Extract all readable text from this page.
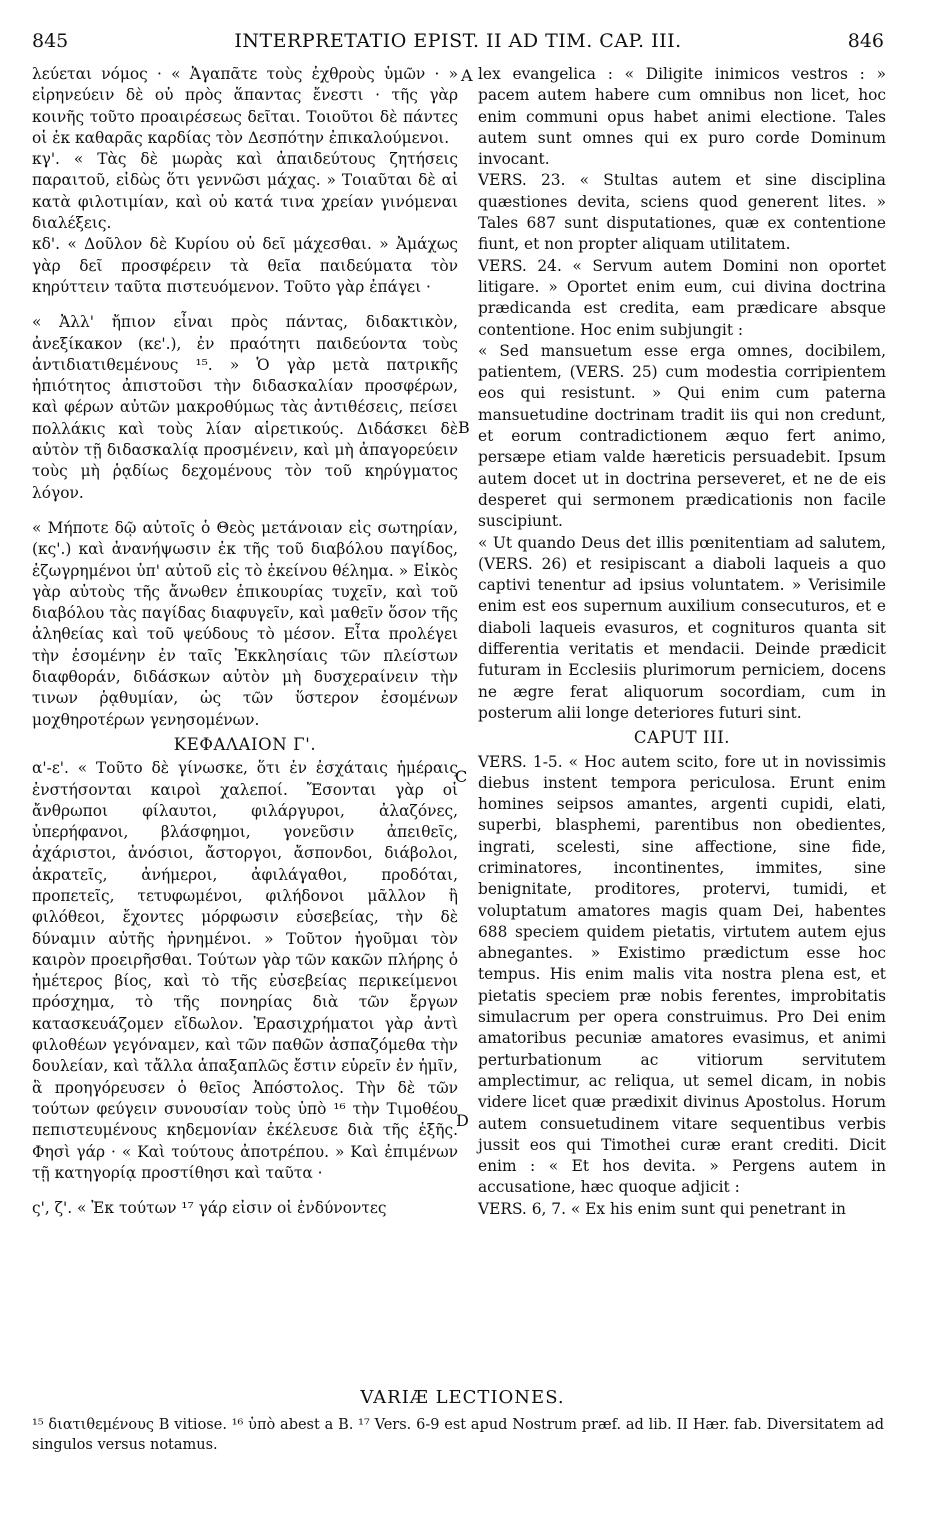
845	INTERPRETATIO EPIST. II AD TIM. CAP. III.	846
A
B
C
D

λεύεται νόμος · « Ἀγαπᾶτε τοὺς ἐχθροὺς ὑμῶν · » εἰρηνεύειν δὲ οὐ πρὸς ἅπαντας ἔνεστι · τῆς γὰρ κοινῆς τοῦτο προαιρέσεως δεῖται. Τοιοῦτοι δὲ πάντες οἱ ἐκ καθαρᾶς καρδίας τὸν Δεσπότην ἐπικαλούμενοι.

κγ'. « Τὰς δὲ μωρὰς καὶ ἀπαιδεύτους ζητήσεις παραιτοῦ, εἰδὼς ὅτι γεννῶσι μάχας. » Τοιαῦται δὲ αἱ κατὰ φιλοτιμίαν, καὶ οὐ κατά τινα χρείαν γινόμεναι διαλέξεις.

κδ'. « Δοῦλον δὲ Κυρίου οὐ δεῖ μάχεσθαι. » Ἀμάχως γὰρ δεῖ προσφέρειν τὰ θεῖα παιδεύματα τὸν κηρύττειν ταῦτα πιστευόμενον. Τοῦτο γὰρ ἐπάγει ·

« Ἀλλ' ἤπιον εἶναι πρὸς πάντας, διδακτικὸν, ἀνεξίκακον (κε'.), ἐν πραότητι παιδεύοντα τοὺς ἀντιδιατιθεμένους ¹⁵. » Ὁ γὰρ μετὰ πατρικῆς ἠπιότητος ἀπιστοῦσι τὴν διδασκαλίαν προσφέρων, καὶ φέρων αὐτῶν μακροθύμως τὰς ἀντιθέσεις, πείσει πολλάκις καὶ τοὺς λίαν αἱρετικούς. Διδάσκει δὲ αὐτὸν τῇ διδασκαλίᾳ προσμένειν, καὶ μὴ ἀπαγορεύειν τοὺς μὴ ῥᾳδίως δεχομένους τὸν τοῦ κηρύγματος λόγον.

« Μήποτε δῷ αὐτοῖς ὁ Θεὸς μετάνοιαν εἰς σωτηρίαν, (κς'.) καὶ ἀνανήψωσιν ἐκ τῆς τοῦ διαβόλου παγίδος, ἐζωγρημένοι ὑπ' αὐτοῦ εἰς τὸ ἐκείνου θέλημα. » Εἰκὸς γὰρ αὐτοὺς τῆς ἄνωθεν ἐπικουρίας τυχεῖν, καὶ τοῦ διαβόλου τὰς παγίδας διαφυγεῖν, καὶ μαθεῖν ὅσον τῆς ἀληθείας καὶ τοῦ ψεύδους τὸ μέσον. Εἶτα προλέγει τὴν ἐσομένην ἐν ταῖς Ἐκκλησίαις τῶν πλείστων διαφθοράν, διδάσκων αὐτὸν μὴ δυσχεραίνειν τὴν τινων ῥᾳθυμίαν, ὡς τῶν ὕστερον ἐσομένων μοχθηροτέρων γενησομένων.

ΚΕΦΑΛΑΙΟΝ Γ'.

α'-ε'. « Τοῦτο δὲ γίνωσκε, ὅτι ἐν ἐσχάταις ἡμέραις ἐνστήσονται καιροὶ χαλεποί. Ἔσονται γὰρ οἱ ἄνθρωποι φίλαυτοι, φιλάργυροι, ἀλαζόνες, ὑπερήφανοι, βλάσφημοι, γονεῦσιν ἀπειθεῖς, ἀχάριστοι, ἀνόσιοι, ἄστοργοι, ἄσπονδοι, διάβολοι, ἀκρατεῖς, ἀνήμεροι, ἀφιλάγαθοι, προδόται, προπετεῖς, τετυφωμένοι, φιλήδονοι μᾶλλον ἢ φιλόθεοι, ἔχοντες μόρφωσιν εὐσεβείας, τὴν δὲ δύναμιν αὐτῆς ἠρνημένοι. » Τοῦτον ἡγοῦμαι τὸν καιρὸν προειρῆσθαι. Τούτων γὰρ τῶν κακῶν πλήρης ὁ ἡμέτερος βίος, καὶ τὸ τῆς εὐσεβείας περικείμενοι πρόσχημα, τὸ τῆς πονηρίας διὰ τῶν ἔργων κατασκευάζομεν εἴδωλον. Ἐρασιχρήματοι γὰρ ἀντὶ φιλοθέων γεγόναμεν, καὶ τῶν παθῶν ἀσπαζόμεθα τὴν δουλείαν, καὶ τἄλλα ἁπαξαπλῶς ἔστιν εὑρεῖν ἐν ἡμῖν, ἃ προηγόρευσεν ὁ θεῖος Ἀπόστολος. Τὴν δὲ τῶν τούτων φεύγειν συνουσίαν τοὺς ὑπὸ ¹⁶ τὴν Τιμοθέου πεπιστευμένους κηδεμονίαν ἐκέλευσε διὰ τῆς ἑξῆς. Φησὶ γάρ · « Καὶ τούτους ἀποτρέπου. » Καὶ ἐπιμένων τῇ κατηγορίᾳ προστίθησι καὶ ταῦτα ·

ς', ζ'. « Ἐκ τούτων ¹⁷ γάρ εἰσιν οἱ ἐνδύνοντες

lex evangelica : « Diligite inimicos vestros : » pacem autem habere cum omnibus non licet, hoc enim communi opus habet animi electione. Tales autem sunt omnes qui ex puro corde Dominum invocant.

VERS. 23. « Stultas autem et sine disciplina quæstiones devita, sciens quod generent lites. » Tales 687 sunt disputationes, quæ ex contentione fiunt, et non propter aliquam utilitatem.

VERS. 24. « Servum autem Domini non oportet litigare. » Oportet enim eum, cui divina doctrina prædicanda est credita, eam prædicare absque contentione. Hoc enim subjungit :

« Sed mansuetum esse erga omnes, docibilem, patientem, (VERS. 25) cum modestia corripientem eos qui resistunt. » Qui enim cum paterna mansuetudine doctrinam tradit iis qui non credunt, et eorum contradictionem æquo fert animo, persæpe etiam valde hæreticis persuadebit. Ipsum autem docet ut in doctrina perseveret, et ne de eis desperet qui sermonem prædicationis non facile suscipiunt.

« Ut quando Deus det illis pœnitentiam ad salutem, (VERS. 26) et resipiscant a diaboli laqueis a quo captivi tenentur ad ipsius voluntatem. » Verisimile enim est eos supernum auxilium consecuturos, et e diaboli laqueis evasuros, et cognituros quanta sit differentia veritatis et mendacii. Deinde prædicit futuram in Ecclesiis plurimorum perniciem, docens ne ægre ferat aliquorum socordiam, cum in posterum alii longe deteriores futuri sint.

CAPUT III.

VERS. 1-5. « Hoc autem scito, fore ut in novissimis diebus instent tempora periculosa. Erunt enim homines seipsos amantes, argenti cupidi, elati, superbi, blasphemi, parentibus non obedientes, ingrati, scelesti, sine affectione, sine fide, criminatores, incontinentes, immites, sine benignitate, proditores, protervi, tumidi, et voluptatum amatores magis quam Dei, habentes 688 speciem quidem pietatis, virtutem autem ejus abnegantes. » Existimo prædictum esse hoc tempus. His enim malis vita nostra plena est, et pietatis speciem præ nobis ferentes, improbitatis simulacrum per opera construimus. Pro Dei enim amatoribus pecuniæ amatores evasimus, et animi perturbationum ac vitiorum servitutem amplectimur, ac reliqua, ut semel dicam, in nobis videre licet quæ prædixit divinus Apostolus. Horum autem consuetudinem vitare sequentibus verbis jussit eos qui Timothei curæ erant crediti. Dicit enim : « Et hos devita. » Pergens autem in accusatione, hæc quoque adjicit :

VERS. 6, 7. « Ex his enim sunt qui penetrant in

VARIÆ LECTIONES.
¹⁵ διατιθεμένους B vitiose. ¹⁶ ὑπὸ abest a B. ¹⁷ Vers. 6-9 est apud Nostrum præf. ad lib. II Hær. fab. Diversitatem ad singulos versus notamus.
